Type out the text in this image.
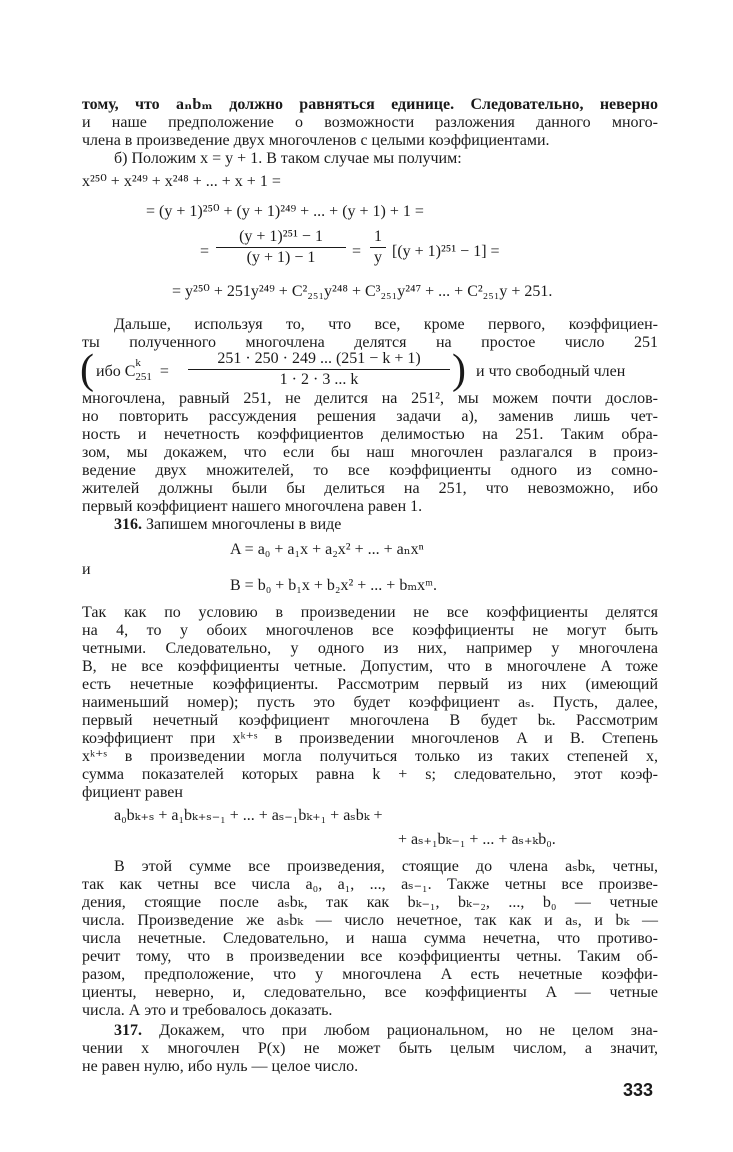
тому, что aₙbₘ должно равняться единице. Следовательно, неверно
и наше предположение о возможности разложения данного много-
члена в произведение двух многочленов с целыми коэффициентами.
б) Положим x = y + 1. В таком случае мы получим:
x²⁵⁰ + x²⁴⁹ + x²⁴⁸ + ... + x + 1 =
= (y + 1)²⁵⁰ + (y + 1)²⁴⁹ + ... + (y + 1) + 1 =
= $\frac{\text{(y + 1)²⁵¹ − 1}}{(y + 1) - 1} = \frac{1}{y} [(y + 1)^{251} - 1]$ =
= y²⁵⁰ + 251y²⁴⁹ + C²₂₅₁y²⁴⁸ + C³₂₅₁y²⁴⁷ + ... + C²₂₅₁y + 251.
Дальше, используя то, что все, кроме первого, коэффициен-
ты полученного многочлена делятся на простое число 251
( ибо C k
$_{251} = \frac{251 \cdot 250 \cdot 249 ... (251 - k + 1)}{1 \cdot 2 \cdot 3 ... k}$ ) и что свободный член
многочлена, равный 251, не делится на 251², мы можем почти дослов-
но повторить рассуждения решения задачи а), заменив лишь чет-
ность и нечетность коэффициентов делимостью на 251. Таким обра-
зом, мы докажем, что если бы наш многочлен разлагался в произ-
ведение двух множителей, то все коэффициенты одного из сомно-
жителей должны были бы делиться на 251, что невозможно, ибо
первый коэффициент нашего многочлена равен 1.
316. Запишем многочлены в виде
A = a₀ + a₁x + a₂x² + ... + aₙxⁿ
и
B = b₀ + b₁x + b₂x² + ... + bₘxᵐ.
Так как по условию в произведении не все коэффициенты делятся
на 4, то у обоих многочленов все коэффициенты не могут быть
четными. Следовательно, у одного из них, например у многочлена
B, не все коэффициенты четные. Допустим, что в многочлене A тоже
есть нечетные коэффициенты. Рассмотрим первый из них (имеющий
наименьший номер); пусть это будет коэффициент aₛ. Пусть, далее,
первый нечетный коэффициент многочлена B будет bₖ. Рассмотрим
коэффициент при xᵏ⁺ˢ в произведении многочленов A и B. Степень
xᵏ⁺ˢ в произведении могла получиться только из таких степеней x,
сумма показателей которых равна k + s; следовательно, этот коэф-
фициент равен
a₀bₖ₊ₛ + a₁bₖ₊ₛ₋₁ + ... + aₛ₋₁bₖ₊₁ + aₛbₖ +
+ aₛ₊₁bₖ₋₁ + ... + aₛ₊ₖb₀.
В этой сумме все произведения, стоящие до члена aₛbₖ, четны,
так как четны все числа a₀, a₁, ..., aₛ₋₁. Также четны все произве-
дения, стоящие после aₛbₖ, так как bₖ₋₁, bₖ₋₂, ..., b₀ — четные
числа. Произведение же aₛbₖ — число нечетное, так как и aₛ, и bₖ —
числа нечетные. Следовательно, и наша сумма нечетна, что противо-
речит тому, что в произведении все коэффициенты четны. Таким об-
разом, предположение, что у многочлена A есть нечетные коэффи-
циенты, неверно, и, следовательно, все коэффициенты A — четные
числа. А это и требовалось доказать.
317. Докажем, что при любом рациональном, но не целом зна-
чении x многочлен P(x) не может быть целым числом, а значит,
не равен нулю, ибо нуль — целое число.
333
